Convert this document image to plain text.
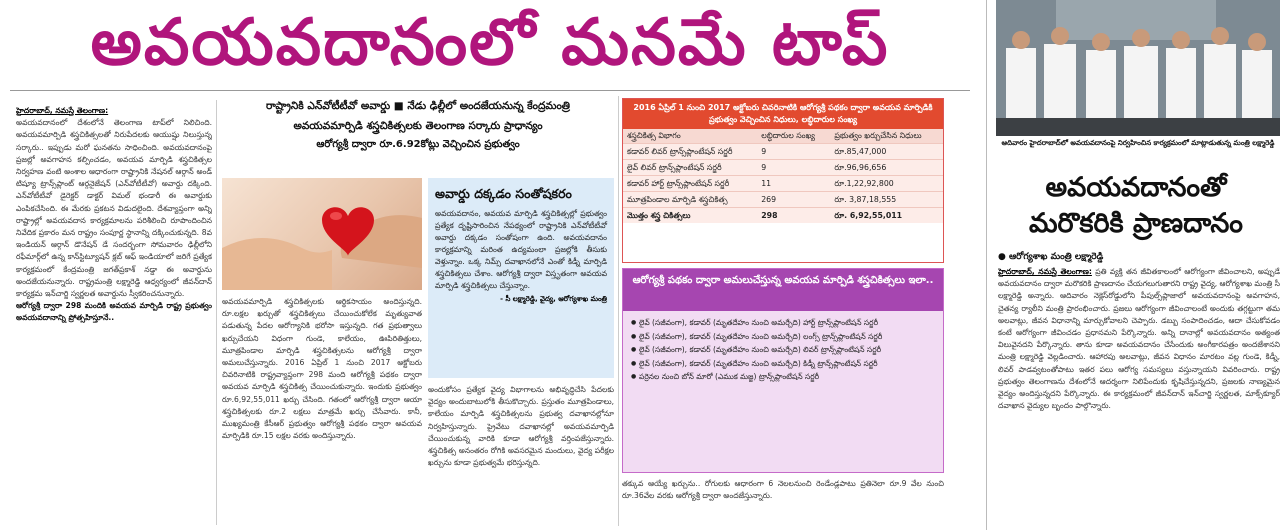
అవయవదానంలో మనమే టాప్
హైదరాబాద్, నమస్తే తెలంగాణ:
అవయవదానంలో దేశంలోనే తెలంగాణ టాప్‌లో నిలిచింది. అవయవమార్పిడి శస్త్రచికిత్సలతో నిరుపేదలకు ఆయుష్షు నిలుస్తున్న సర్కారు.. ఇప్పుడు మరో ఘనతను సాధించింది. అవయవదానంపై ప్రజల్లో అవగాహన కల్పించడం, అవయవ మార్పిడి శస్త్రచికిత్సల నిర్వహణ వంటి అంశాల ఆధారంగా రాష్ట్రానికి నేషనల్ ఆర్గాన్ అండ్ టిష్యూ ట్రాన్స్‌ప్లాంట్ ఆర్గనైజేషన్ (ఎన్‌వోటీటీవో) అవార్డు దక్కింది. ఎన్‌వోటీటీవో డైరెక్టర్ డాక్టర్ విమల్ భండారీ ఈ అవార్డుకు ఎంపికచేసింది. ఈ మేరకు ప్రకటన విడుదలైంది. దేశవ్యాప్తంగా అన్ని రాష్ట్రాల్లో అవయవదాన కార్యక్రమాలను పరిశీలించి రూపొందించిన నివేదిక ప్రకారం మన రాష్ట్రం సంపూర్ణ స్థానాన్ని దక్కించుకున్నది. 8వ ఇండియన్ ఆర్గాన్ డొనేషన్ డే సందర్భంగా సోమవారం ఢిల్లీలోని రఫీమార్గ్‌లో ఉన్న కాన్‌స్టిట్యూషన్ క్లబ్ ఆఫ్ ఇండియాలో జరిగే ప్రత్యేక కార్యక్రమంలో కేంద్రమంత్రి జగత్‌ప్రకాశ్ నడ్డా ఈ అవార్డును అందజేయనున్నారు. రాష్ట్రమంత్రి లక్ష్మారెడ్డి ఆధ్వర్యంలో జీవన్‌దాన్ కార్యక్రమ ఇన్‌చార్జి స్వర్ణలత అవార్డును స్వీకరించనున్నారు.
ఆరోగ్యశ్రీ ద్వారా 298 మందికి అవయవ మార్పిడి రాష్ట్ర ప్రభుత్వం అవయవదానాన్ని ప్రోత్సహిస్తూనే..
రాష్ట్రానికి ఎన్‌వోటీటీవో అవార్డు ■ నేడు ఢిల్లీలో అందజేయనున్న కేంద్రమంత్రి
అవయవమార్పిడి శస్త్రచికిత్సలకు తెలంగాణ సర్కారు ప్రాధాన్యం
ఆరోగ్యశ్రీ ద్వారా రూ.6.92కోట్లు వెచ్చించిన ప్రభుత్వం
అవార్డు దక్కడం సంతోషకరం
అవయవదానం, అవయవ మార్పిడి శస్త్రచికిత్సల్లో ప్రభుత్వం ప్రత్యేక దృష్టిసారించిన నేపథ్యంలో రాష్ట్రానికి ఎన్‌వోటీటీవో అవార్డు దక్కడం సంతోషంగా ఉంది. అవయవదానం కార్యక్రమాన్ని మరింత ఉద్యమంలా ప్రజల్లోకి తీసుకు వెళ్తున్నాం. ఒక్క నిమ్స్ దవాఖానలోనే ఎంతో కిడ్నీ మార్పిడి శస్త్రచికిత్సలు చేశాం. ఆరోగ్యశ్రీ ద్వారా విస్తృతంగా అవయవ మార్పిడి శస్త్రచికిత్సలు చేస్తున్నాం.
- సీ లక్ష్మారెడ్డి, వైద్య, ఆరోగ్యశాఖ మంత్రి
అవయవమార్పిడి శస్త్రచికిత్సలకు ఆర్థికసాయం అందిస్తున్నది. రూ.లక్షల ఖర్చుతో శస్త్రచికిత్సలు చేయించుకోలేక మృత్యువాత పడుతున్న పేదల ఆరోగ్యానికి భరోసా ఇస్తున్నది. గత ప్రభుత్వాలు ఖర్చుచేయని విధంగా గుండె, కాలేయం, ఊపిరితిత్తులు, మూత్రపిండాల మార్పిడి శస్త్రచికిత్సలను ఆరోగ్యశ్రీ ద్వారా అమలుచేస్తున్నారు. 2016 ఏప్రిల్ 1 నుంచి 2017 అక్టోబరు చివరినాటికి రాష్ట్రవ్యాప్తంగా 298 మంది ఆరోగ్యశ్రీ పథకం ద్వారా అవయవ మార్పిడి శస్త్రచికిత్స చేయించుకున్నారు. ఇందుకు ప్రభుత్వం రూ.6,92,55,011 ఖర్చు చేసింది. గతంలో ఆరోగ్యశ్రీ ద్వారా ఆయా శస్త్రచికిత్సలకు రూ.2 లక్షలు మాత్రమే ఖర్చు చేసేవారు. కానీ, ముఖ్యమంత్రి కేసీఆర్ ప్రభుత్వం ఆరోగ్యశ్రీ పథకం ద్వారా అవయవ మార్పిడికి రూ.15 లక్షల వరకు అందిస్తున్నారు.
అందుకోసం ప్రత్యేక వైద్య విభాగాలను అభివృద్ధిచేసి పేదలకు వైద్యం అందుబాటులోకి తీసుకొచ్చారు. ప్రస్తుతం మూత్రపిండాలు, కాలేయం మార్పిడి శస్త్రచికిత్సలను ప్రభుత్వ దవాఖానల్లోనూ నిర్వహిస్తున్నారు. ప్రైవేటు దవాఖానల్లో అవయవమార్పిడి చేయించుకున్న వారికి కూడా ఆరోగ్యశ్రీ వర్తింపజేస్తున్నారు. శస్త్రచికిత్స అనంతరం రోగికి అవసరమైన మందులు, వైద్య పరీక్షల ఖర్చును కూడా ప్రభుత్వమే భరిస్తున్నది.
2016 ఏప్రిల్ 1 నుంచి 2017 అక్టోబరు చివరినాటికి ఆరోగ్యశ్రీ పథకం ద్వారా అవయవ మార్పిడికి ప్రభుత్వం వెచ్చించిన నిధులు, లబ్ధిదారుల సంఖ్య
శస్త్రచికిత్స విభాగం	లబ్ధిదారుల సంఖ్య	ప్రభుత్వం ఖర్చుచేసిన నిధులు
కడావర్ లివర్ ట్రాన్స్‌ప్లాంటేషన్ సర్జరీ	9	రూ.85,47,000
లైవ్ లివర్ ట్రాన్స్‌ప్లాంటేషన్ సర్జరీ	9	రూ.96,96,656
కడావర్ హార్ట్ ట్రాన్స్‌ప్లాంటేషన్ సర్జరీ	11	రూ.1,22,92,800
మూత్రపిండాల మార్పిడి శస్త్రచికిత్స	269	రూ. 3,87,18,555
మొత్తం శస్త్ర చికిత్సలు	298	రూ. 6,92,55,011
ఆరోగ్యశ్రీ పథకం ద్వారా అమలుచేస్తున్న అవయవ మార్పిడి శస్త్రచికిత్సలు ఇలా..
● లైవ్ (సజీవంగా), కడావర్ (మృతదేహం నుంచి అమర్చేది) హార్ట్ ట్రాన్స్‌ప్లాంటేషన్ సర్జరీ
● లైవ్ (సజీవంగా), కడావర్ (మృతదేహం నుంచి అమర్చేది) లంగ్స్ ట్రాన్స్‌ప్లాంటేషన్ సర్జరీ
● లైవ్ (సజీవంగా), కడావర్ (మృతదేహం నుంచి అమర్చేది) లివర్ ట్రాన్స్‌ప్లాంటేషన్ సర్జరీ
● లైవ్ (సజీవంగా), కడావర్ (మృతదేహం నుంచి అమర్చేది) కిడ్నీ ట్రాన్స్‌ప్లాంటేషన్ సర్జరీ
● పర్రెనల నుంచి బోన్ మారో (ఎముక మజ్జ) ట్రాన్స్‌ప్లాంటేషన్ సర్జరీ
తక్కువ ఆయ్యే ఖర్చును.. రోగులకు ఆధారంగా 6 నెలలనుంచి రెండేండ్లపాటు ప్రతినెలా రూ.9 వేల నుంచి రూ.36వేల వరకు ఆరోగ్యశ్రీ ద్వారా అందజేస్తున్నారు.
ఆదివారం హైదరాబాద్‌లో అవయవదానంపై నిర్వహించిన కార్యక్రమంలో మాట్లాడుతున్న మంత్రి లక్ష్మారెడ్డి
అవయవదానంతో
మరొకరికి ప్రాణదానం
● ఆరోగ్యశాఖ మంత్రి లక్ష్మారెడ్డి
హైదరాబాద్, నమస్తే తెలంగాణ: ప్రతి వ్యక్తి తన జీవితకాలంలో ఆరోగ్యంగా జీవించాలని, అప్పుడే అవయవదానం ద్వారా మరొకరికి ప్రాణదానం చేయగలుగుతారని రాష్ట్ర వైద్య, ఆరోగ్యశాఖ మంత్రి సీ లక్ష్మారెడ్డి అన్నారు. ఆదివారం నెక్లెస్‌రోడ్డులోని పీపుల్స్‌ప్లాజాలో అవయవదానంపై అవగాహన, చైతన్య ర్యాలీని మంత్రి ప్రారంభించారు. ప్రజలు ఆరోగ్యంగా జీవించాలంటే అందుకు తగ్గట్టుగా తమ అలవాట్లు, జీవన విధానాన్ని మార్చుకోవాలని చెప్పారు. డబ్బు సంపాదించడం, ఆదా చేసుకోవడం కంటే ఆరోగ్యంగా జీవించడం ప్రధానమని పేర్కొన్నారు. అన్ని దానాల్లో అవయవదానం అత్యంత విలువైనదని పేర్కొన్నారు. తాను కూడా అవయవదానం చేసేందుకు అంగీకారపత్రం అందజేశానని మంత్రి లక్ష్మారెడ్డి వెల్లడించారు. ఆహారపు అలవాట్లు, జీవన విధానం మారటం వల్ల గుండె, కిడ్నీ, లివర్ పాడవ్వటంతోపాటు ఇతర పలు ఆరోగ్య సమస్యలు వస్తున్నాయని వివరించారు. రాష్ట్ర ప్రభుత్వం తెలంగాణను దేశంలోనే ఆదర్శంగా నిలిపేందుకు కృషిచేస్తున్నదని, ప్రజలకు నాణ్యమైన వైద్యం అందిస్తున్నదని పేర్కొన్నారు. ఈ కార్యక్రమంలో జీవన్‌దాన్ ఇన్‌చార్జి స్వర్ణలత, మాక్స్‌క్యూర్ దవాఖాన వైద్యుల బృందం పాల్గొన్నారు.
